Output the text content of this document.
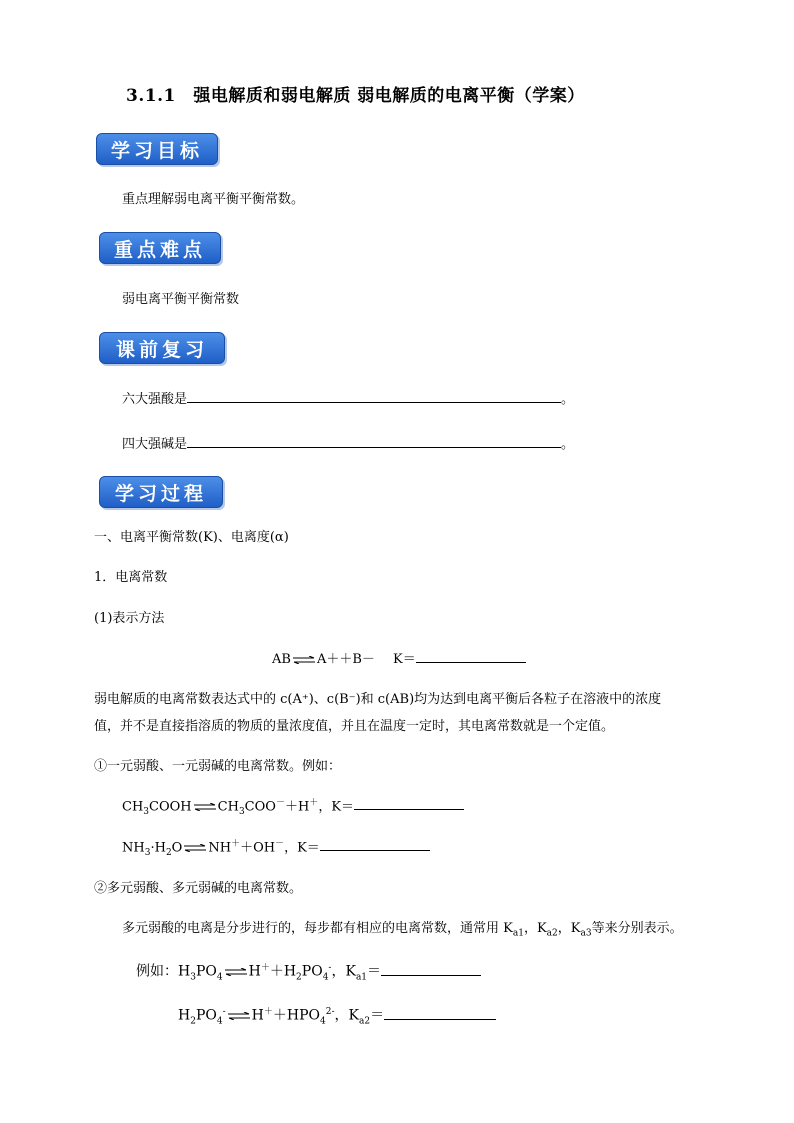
3.1.1　强电解质和弱电解质 弱电解质的电离平衡（学案）
学习目标
重点理解弱电离平衡平衡常数。
重点难点
弱电离平衡平衡常数
课前复习
六大强酸是	。
四大强碱是	。
学习过程
一、电离平衡常数(K)、电离度(α)
1．电离常数
(1)表示方法
AB⇌A＋＋B－ K＝
弱电解质的电离常数表达式中的 c(A⁺)、c(B⁻)和 c(AB)均为达到电离平衡后各粒子在溶液中的浓度
值，并不是直接指溶质的物质的量浓度值，并且在温度一定时，其电离常数就是一个定值。
①一元弱酸、一元弱碱的电离常数。例如：
$CH_3COOH\rightleftharpoons CH_3COO^-+H^+$，K＝
$NH_3\cdot H_2O\rightleftharpoons NH^++OH^-$，K＝
②多元弱酸、多元弱碱的电离常数。
多元弱酸的电离是分步进行的，每步都有相应的电离常数，通常用 $K_{a1}$，$K_{a2}$，$K_{a3}$等来分别表示。
例如：$H_3PO_4$ $\rightleftharpoons H^++H_2PO_4^-$，$K_{a1}=$
$H_2PO_4^-\rightleftharpoons H^++HPO_4^{2-}$，$K_{a2}=$
